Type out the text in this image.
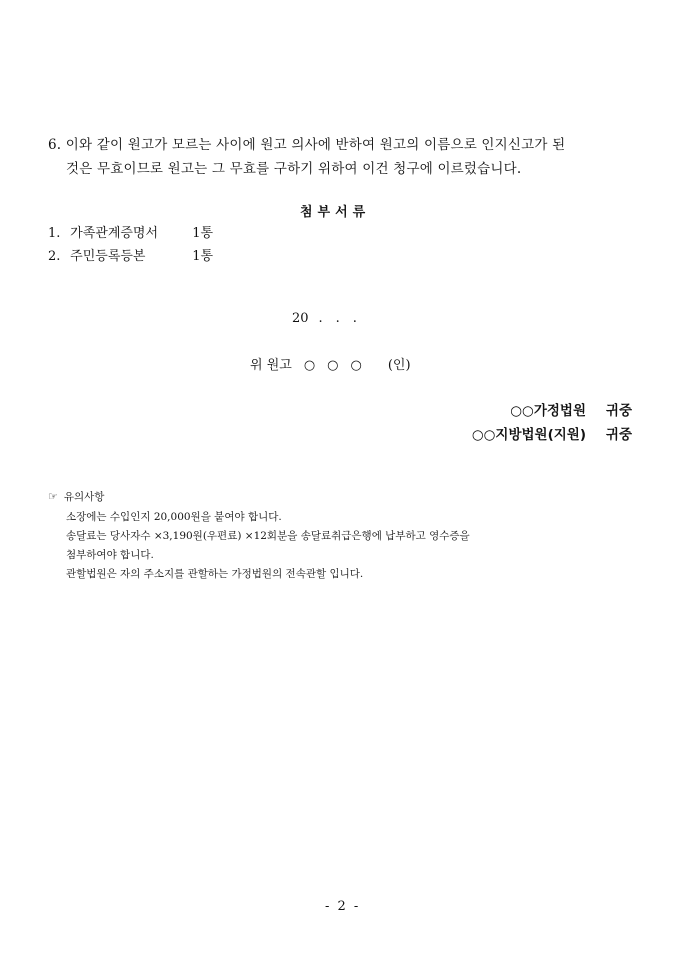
6. 이와 같이 원고가 모르는 사이에 원고 의사에 반하여 원고의 이름으로 인지신고가 된
것은 무효이므로 원고는 그 무효를 구하기 위하여 이건 청구에 이르렀습니다.
첨부서류
1. 가족관계증명서	1통
2. 주민등록등본	1통
20 ...
위 원고 ○○○ (인)
○○가정법원 귀중
○○지방법원(지원) 귀중
☞ 유의사항
소장에는 수입인지 20,000원을 붙여야 합니다.
송달료는 당사자수 ×3,190원(우편료) ×12회분을 송달료취급은행에 납부하고 영수증을
첨부하여야 합니다.
관할법원은 자의 주소지를 관할하는 가정법원의 전속관할 입니다.
- 2 -
